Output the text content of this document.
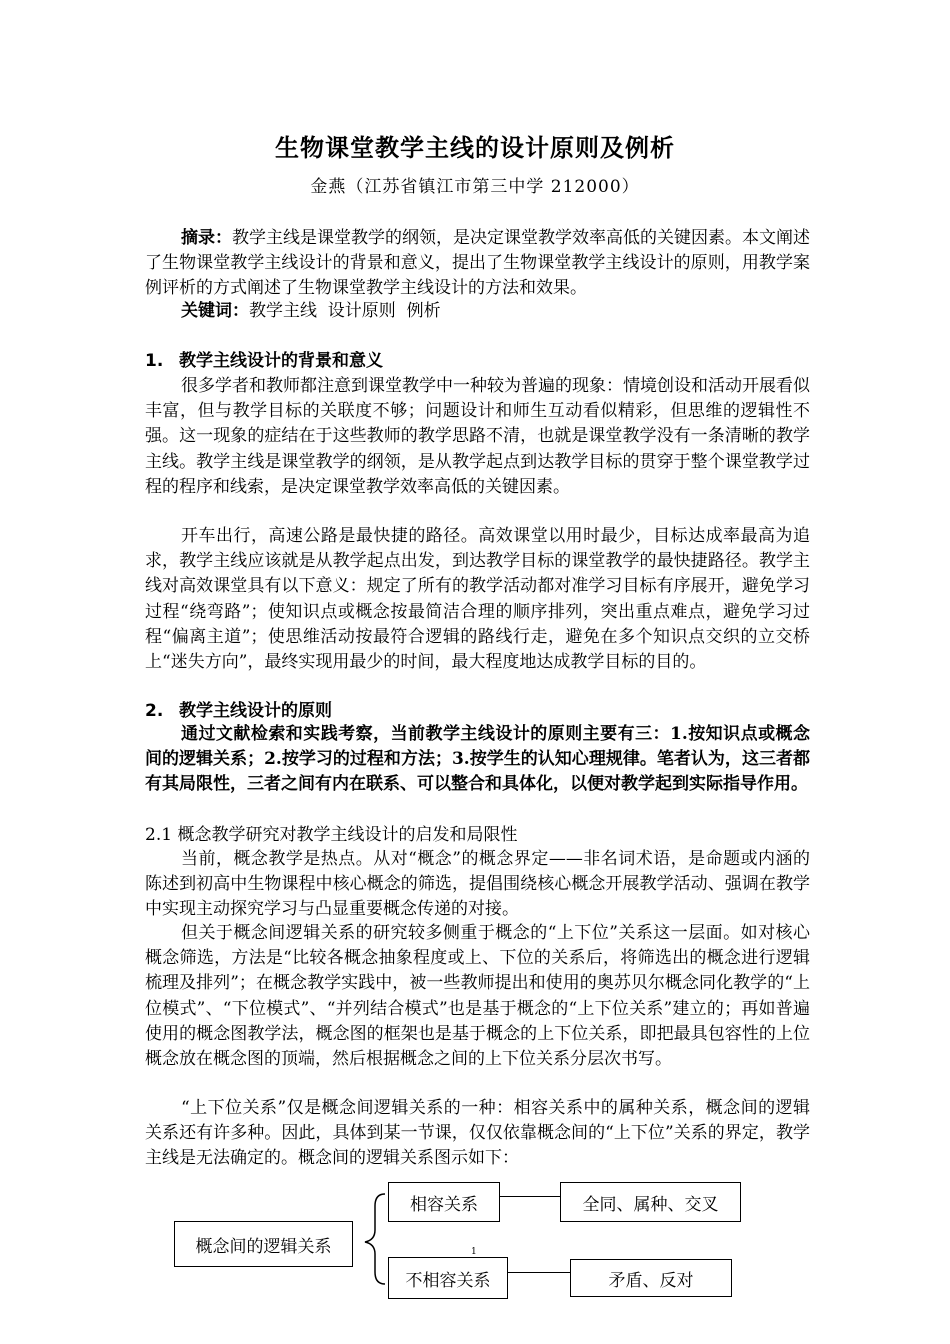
生物课堂教学主线的设计原则及例析
金燕（江苏省镇江市第三中学 212000）

摘录：教学主线是课堂教学的纲领，是决定课堂教学效率高低的关键因素。本文阐述了生物课堂教学主线设计的背景和意义，提出了生物课堂教学主线设计的原则，用教学案例评析的方式阐述了生物课堂教学主线设计的方法和效果。

关键词：教学主线  设计原则  例析

1. 教学主线设计的背景和意义

很多学者和教师都注意到课堂教学中一种较为普遍的现象：情境创设和活动开展看似丰富，但与教学目标的关联度不够；问题设计和师生互动看似精彩，但思维的逻辑性不强。这一现象的症结在于这些教师的教学思路不清，也就是课堂教学没有一条清晰的教学主线。教学主线是课堂教学的纲领，是从教学起点到达教学目标的贯穿于整个课堂教学过程的程序和线索，是决定课堂教学效率高低的关键因素。

开车出行，高速公路是最快捷的路径。高效课堂以用时最少，目标达成率最高为追求，教学主线应该就是从教学起点出发，到达教学目标的课堂教学的最快捷路径。教学主线对高效课堂具有以下意义：规定了所有的教学活动都对准学习目标有序展开，避免学习过程“绕弯路”；使知识点或概念按最简洁合理的顺序排列，突出重点难点，避免学习过程“偏离主道”；使思维活动按最符合逻辑的路线行走，避免在多个知识点交织的立交桥上“迷失方向”，最终实现用最少的时间，最大程度地达成教学目标的目的。

2. 教学主线设计的原则

通过文献检索和实践考察，当前教学主线设计的原则主要有三：1.按知识点或概念间的逻辑关系；2.按学习的过程和方法；3.按学生的认知心理规律。笔者认为，这三者都有其局限性，三者之间有内在联系、可以整合和具体化，以便对教学起到实际指导作用。

2.1 概念教学研究对教学主线设计的启发和局限性

当前，概念教学是热点。从对“概念”的概念界定——非名词术语，是命题或内涵的陈述到初高中生物课程中核心概念的筛选，提倡围绕核心概念开展教学活动、强调在教学中实现主动探究学习与凸显重要概念传递的对接。

但关于概念间逻辑关系的研究较多侧重于概念的“上下位”关系这一层面。如对核心概念筛选，方法是“比较各概念抽象程度或上、下位的关系后，将筛选出的概念进行逻辑梳理及排列”；在概念教学实践中，被一些教师提出和使用的奥苏贝尔概念同化教学的“上位模式”、“下位模式”、“并列结合模式”也是基于概念的“上下位关系”建立的；再如普遍使用的概念图教学法，概念图的框架也是基于概念的上下位关系，即把最具包容性的上位概念放在概念图的顶端，然后根据概念之间的上下位关系分层次书写。

“上下位关系”仅是概念间逻辑关系的一种：相容关系中的属种关系，概念间的逻辑关系还有许多种。因此，具体到某一节课，仅仅依靠概念间的“上下位”关系的界定，教学主线是无法确定的。概念间的逻辑关系图示如下：

概念间的逻辑关系
相容关系	全同、属种、交叉
不相容关系	矛盾、反对
1
